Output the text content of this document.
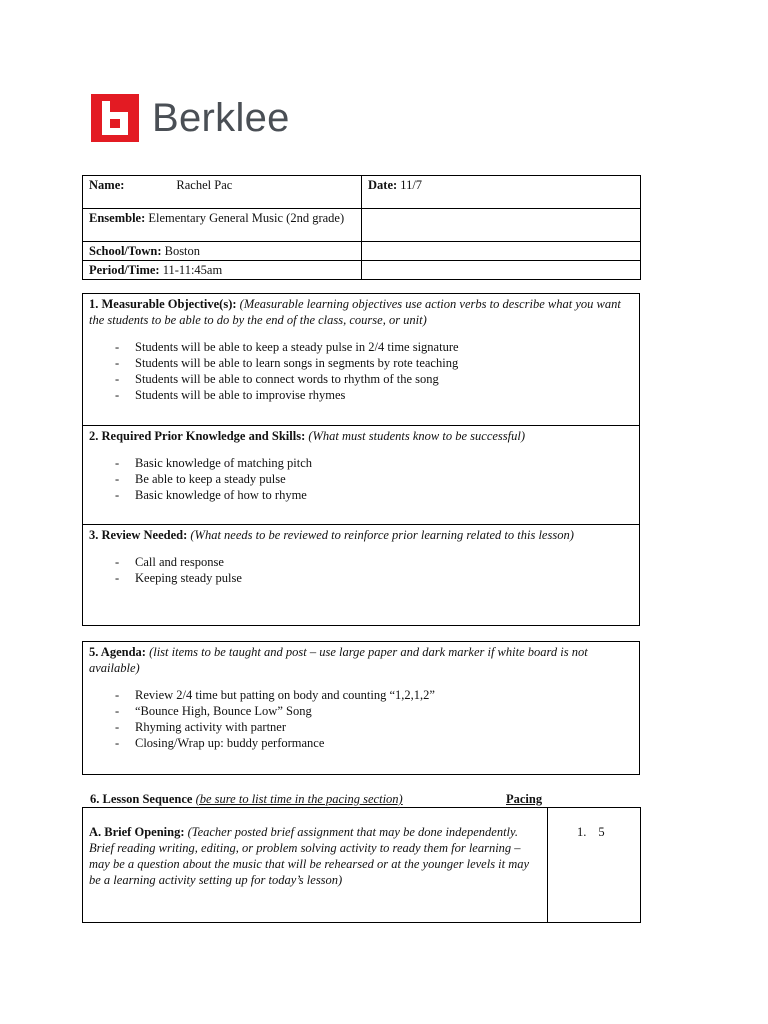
Berklee
Name: Rachel Pac	Date: 11/7
Ensemble: Elementary General Music (2nd grade)	
School/Town: Boston	
Period/Time: 11-11:45am	
1. Measurable Objective(s): (Measurable learning objectives use action verbs to describe what you want the students to be able to do by the end of the class, course, or unit)
- Students will be able to keep a steady pulse in 2/4 time signature
- Students will be able to learn songs in segments by rote teaching
- Students will be able to connect words to rhythm of the song
- Students will be able to improvise rhymes
2. Required Prior Knowledge and Skills: (What must students know to be successful)
- Basic knowledge of matching pitch
- Be able to keep a steady pulse
- Basic knowledge of how to rhyme
3. Review Needed: (What needs to be reviewed to reinforce prior learning related to this lesson)
- Call and response
- Keeping steady pulse
5. Agenda: (list items to be taught and post – use large paper and dark marker if white board is not available)
- Review 2/4 time but patting on body and counting “1,2,1,2”
- “Bounce High, Bounce Low” Song
- Rhyming activity with partner
- Closing/Wrap up: buddy performance
6. Lesson Sequence (be sure to list time in the pacing section)	Pacing
A. Brief Opening: (Teacher posted brief assignment that may be done independently. Brief reading writing, editing, or problem solving activity to ready them for learning – may be a question about the music that will be rehearsed or at the younger levels it may be a learning activity setting up for today’s lesson)	1. 5
